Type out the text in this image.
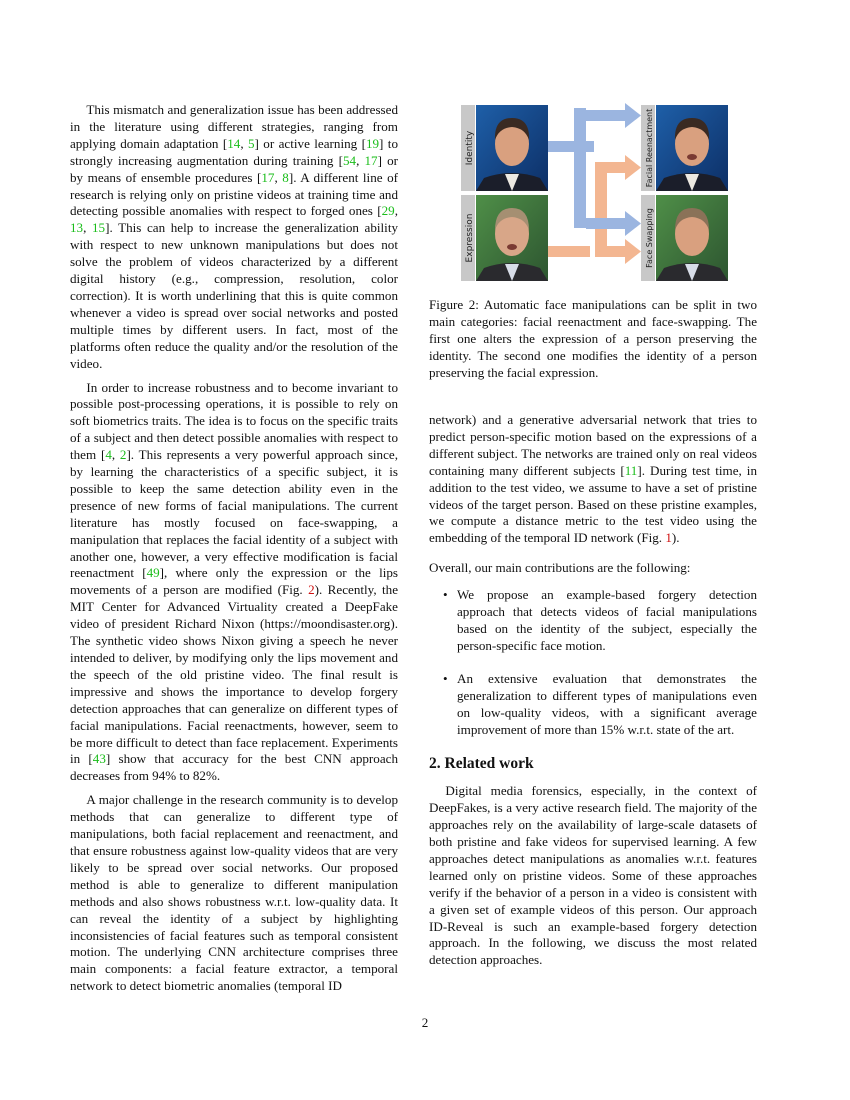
This mismatch and generalization issue has been addressed in the literature using different strategies, ranging from applying domain adaptation [14, 5] or active learning [19] to strongly increasing augmentation during training [54, 17] or by means of ensemble procedures [17, 8]. A different line of research is relying only on pristine videos at training time and detecting possible anomalies with respect to forged ones [29, 13, 15]. This can help to increase the generalization ability with respect to new unknown manipulations but does not solve the problem of videos characterized by a different digital history (e.g., compression, resolution, color correction). It is worth underlining that this is quite common whenever a video is spread over social networks and posted multiple times by different users. In fact, most of the platforms often reduce the quality and/or the resolution of the video.

In order to increase robustness and to become invariant to possible post-processing operations, it is possible to rely on soft biometrics traits. The idea is to focus on the specific traits of a subject and then detect possible anomalies with respect to them [4, 2]. This represents a very powerful approach since, by learning the characteristics of a specific subject, it is possible to keep the same detection ability even in the presence of new forms of facial manipulations. The current literature has mostly focused on face-swapping, a manipulation that replaces the facial identity of a subject with another one, however, a very effective modification is facial reenactment [49], where only the expression or the lips movements of a person are modified (Fig. 2). Recently, the MIT Center for Advanced Virtuality created a DeepFake video of president Richard Nixon (https://moondisaster.org). The synthetic video shows Nixon giving a speech he never intended to deliver, by modifying only the lips movement and the speech of the old pristine video. The final result is impressive and shows the importance to develop forgery detection approaches that can generalize on different types of facial manipulations. Facial reenactments, however, seem to be more difficult to detect than face replacement. Experiments in [43] show that accuracy for the best CNN approach decreases from 94% to 82%.

A major challenge in the research community is to develop methods that can generalize to different type of manipulations, both facial replacement and reenactment, and that ensure robustness against low-quality videos that are very likely to be spread over social networks. Our proposed method is able to generalize to different manipulation methods and also shows robustness w.r.t. low-quality data. It can reveal the identity of a subject by highlighting inconsistencies of facial features such as temporal consistent motion. The underlying CNN architecture comprises three main components: a facial feature extractor, a temporal network to detect biometric anomalies (temporal ID

Identity
Expression
Facial Reenactment
Face Swapping

Figure 2: Automatic face manipulations can be split in two main categories: facial reenactment and face-swapping. The first one alters the expression of a person preserving the identity. The second one modifies the identity of a person preserving the facial expression.

network) and a generative adversarial network that tries to predict person-specific motion based on the expressions of a different subject. The networks are trained only on real videos containing many different subjects [11]. During test time, in addition to the test video, we assume to have a set of pristine videos of the target person. Based on these pristine examples, we compute a distance metric to the test video using the embedding of the temporal ID network (Fig. 1).

Overall, our main contributions are the following:

• We propose an example-based forgery detection approach that detects videos of facial manipulations based on the identity of the subject, especially the person-specific face motion.
• An extensive evaluation that demonstrates the generalization to different types of manipulations even on low-quality videos, with a significant average improvement of more than 15% w.r.t. state of the art.
2. Related work

Digital media forensics, especially, in the context of DeepFakes, is a very active research field. The majority of the approaches rely on the availability of large-scale datasets of both pristine and fake videos for supervised learning. A few approaches detect manipulations as anomalies w.r.t. features learned only on pristine videos. Some of these approaches verify if the behavior of a person in a video is consistent with a given set of example videos of this person. Our approach ID-Reveal is such an example-based forgery detection approach. In the following, we discuss the most related detection approaches.

2
